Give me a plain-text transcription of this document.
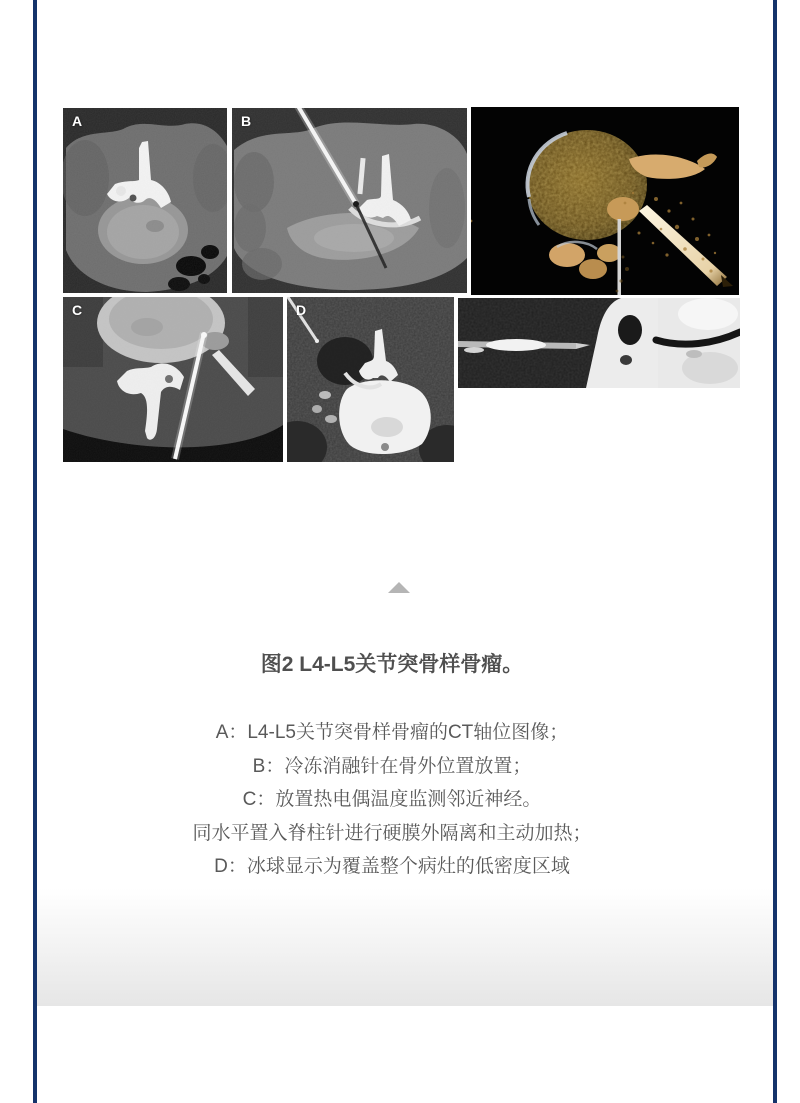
A	B
C	D
图2 L4-L5关节突骨样骨瘤。
A：L4-L5关节突骨样骨瘤的CT轴位图像；
B：冷冻消融针在骨外位置放置；
C：放置热电偶温度监测邻近神经。
同水平置入脊柱针进行硬膜外隔离和主动加热；
D：冰球显示为覆盖整个病灶的低密度区域
